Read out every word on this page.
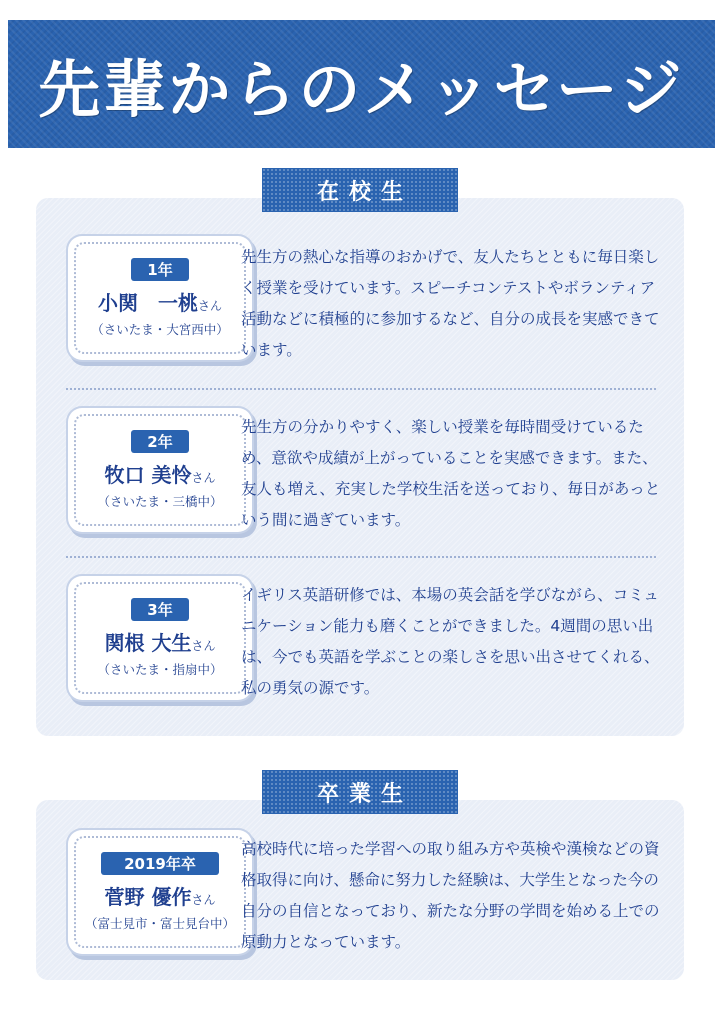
先輩からのメッセージ
在校生
1年
小関　一桃さん
（さいたま・大宮西中）
先生方の熱心な指導のおかげで、友人たちとともに毎日楽しく授業を受けています。スピーチコンテストやボランティア活動などに積極的に参加するなど、自分の成長を実感できています。
2年
牧口 美怜さん
（さいたま・三橋中）
先生方の分かりやすく、楽しい授業を毎時間受けているため、意欲や成績が上がっていることを実感できます。また、友人も増え、充実した学校生活を送っており、毎日があっという間に過ぎています。
3年
関根 大生さん
（さいたま・指扇中）
イギリス英語研修では、本場の英会話を学びながら、コミュニケーション能力も磨くことができました。4週間の思い出は、今でも英語を学ぶことの楽しさを思い出させてくれる、私の勇気の源です。
卒業生
2019年卒
菅野 優作さん
（富士見市・富士見台中）
高校時代に培った学習への取り組み方や英検や漢検などの資格取得に向け、懸命に努力した経験は、大学生となった今の自分の自信となっており、新たな分野の学問を始める上での原動力となっています。
